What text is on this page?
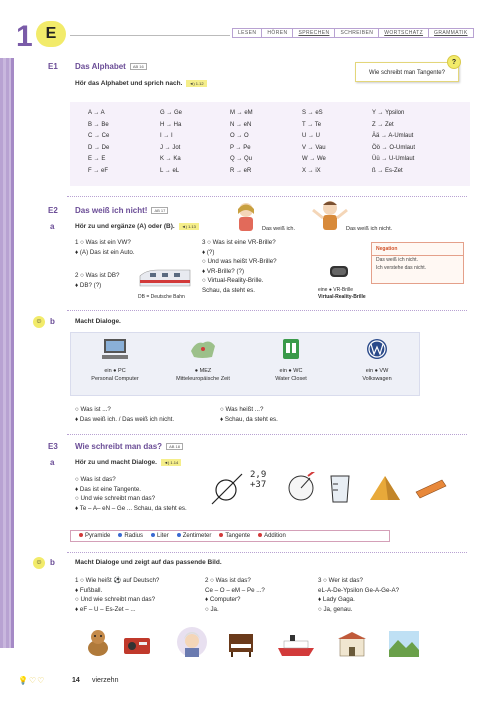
1 E	LESEN	HÖREN	SPRECHEN	SCHREIBEN	WORTSCHATZ	GRAMMATIK
E1 Das Alphabet AB 16
Hör das Alphabet und sprich nach. ◄) 1.12
Wie schreibt man Tangente?
?
A → A
B → Be
C → Ce
D → De
E → E
F → eF
G → Ge
H → Ha
I → I
J → Jot
K → Ka
L → eL
M → eM
N → eN
O → O
P → Pe
Q → Qu
R → eR
S → eS
T → Te
U → U
V → Vau
W → We
X → iX
Y → Ypsilon
Z → Zet
Ää → A-Umlaut
Öö → O-Umlaut
Üü → U-Umlaut
ß → Es-Zet
E2 Das weiß ich nicht! AB 17
a	Hör zu und ergänze (A) oder (B). ◄) 1.13	Das weiß ich.	Das weiß ich nicht.
1 ○ Was ist ein VW?
♦ (A) Das ist ein Auto.
2 ○ Was ist DB?
♦ DB? (?)
DB = Deutsche Bahn
3 ○ Was ist eine VR-Brille?
♦ (?)
○ Und was heißt VR-Brille?
♦ VR-Brille? (?)
○ Virtual-Reality-Brille.
Schau, da steht es.	eine ● VR-Brille
Virtual-Reality-Brille
Negation
Das weiß ich nicht.
Ich verstehe das nicht.
☺ b	Macht Dialoge.
ein ● PC
Personal Computer
● MEZ
Mitteleuropäische Zeit
ein ● WC
Water Closet
ein ● VW
Volkswagen
○ Was ist ...?
♦ Das weiß ich. / Das weiß ich nicht.
○ Was heißt ...?
♦ Schau, da steht es.
E3 Wie schreibt man das? AB 18
a	Hör zu und macht Dialoge. ◄) 1.14
○ Was ist das?
♦ Das ist eine Tangente.
○ Und wie schreibt man das?
♦ Te – A– eN – Ge ... Schau, da steht es.
2,9
+37
Pyramide	Radius	Liter	Zentimeter	Tangente	Addition
☺ b	Macht Dialoge und zeigt auf das passende Bild.
1 ○ Wie heißt ⚽ auf Deutsch?
♦ Fußball.
○ Und wie schreibt man das?
♦ eF – U – Es-Zet – ...
2 ○ Was ist das?
Ce – O – eM – Pe ...?
♦ Computer?
○ Ja.
3 ○ Wer ist das?
eL-A-De-Ypsilon Ge-A-Ge-A?
♦ Lady Gaga.
○ Ja, genau.
💡♡♡	14 vierzehn
